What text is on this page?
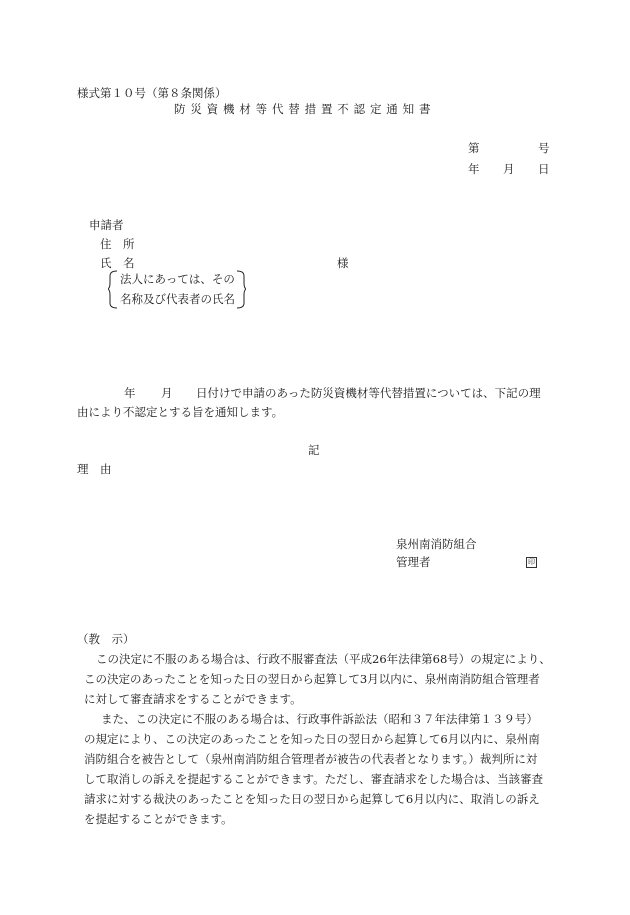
様式第１０号（第８条関係）
防災資機材等代替措置不認定通知書
第	号
年 月 日
申請者
住　所
氏　名	様
法人にあっては、その
名称及び代表者の氏名
年 月 日付けで申請のあった防災資機材等代替措置については、下記の理
由により不認定とする旨を通知します。
記
理　由
泉州南消防組合
管理者	印
（教　示）
この決定に不服のある場合は、行政不服審査法（平成26年法律第68号）の規定により、
この決定のあったことを知った日の翌日から起算して3月以内に、泉州南消防組合管理者
に対して審査請求をすることができます。
また、この決定に不服のある場合は、行政事件訴訟法（昭和３７年法律第１３９号）
の規定により、この決定のあったことを知った日の翌日から起算して6月以内に、泉州南
消防組合を被告として（泉州南消防組合管理者が被告の代表者となります。）裁判所に対
して取消しの訴えを提起することができます。ただし、審査請求をした場合は、当該審査
請求に対する裁決のあったことを知った日の翌日から起算して6月以内に、取消しの訴え
を提起することができます。
